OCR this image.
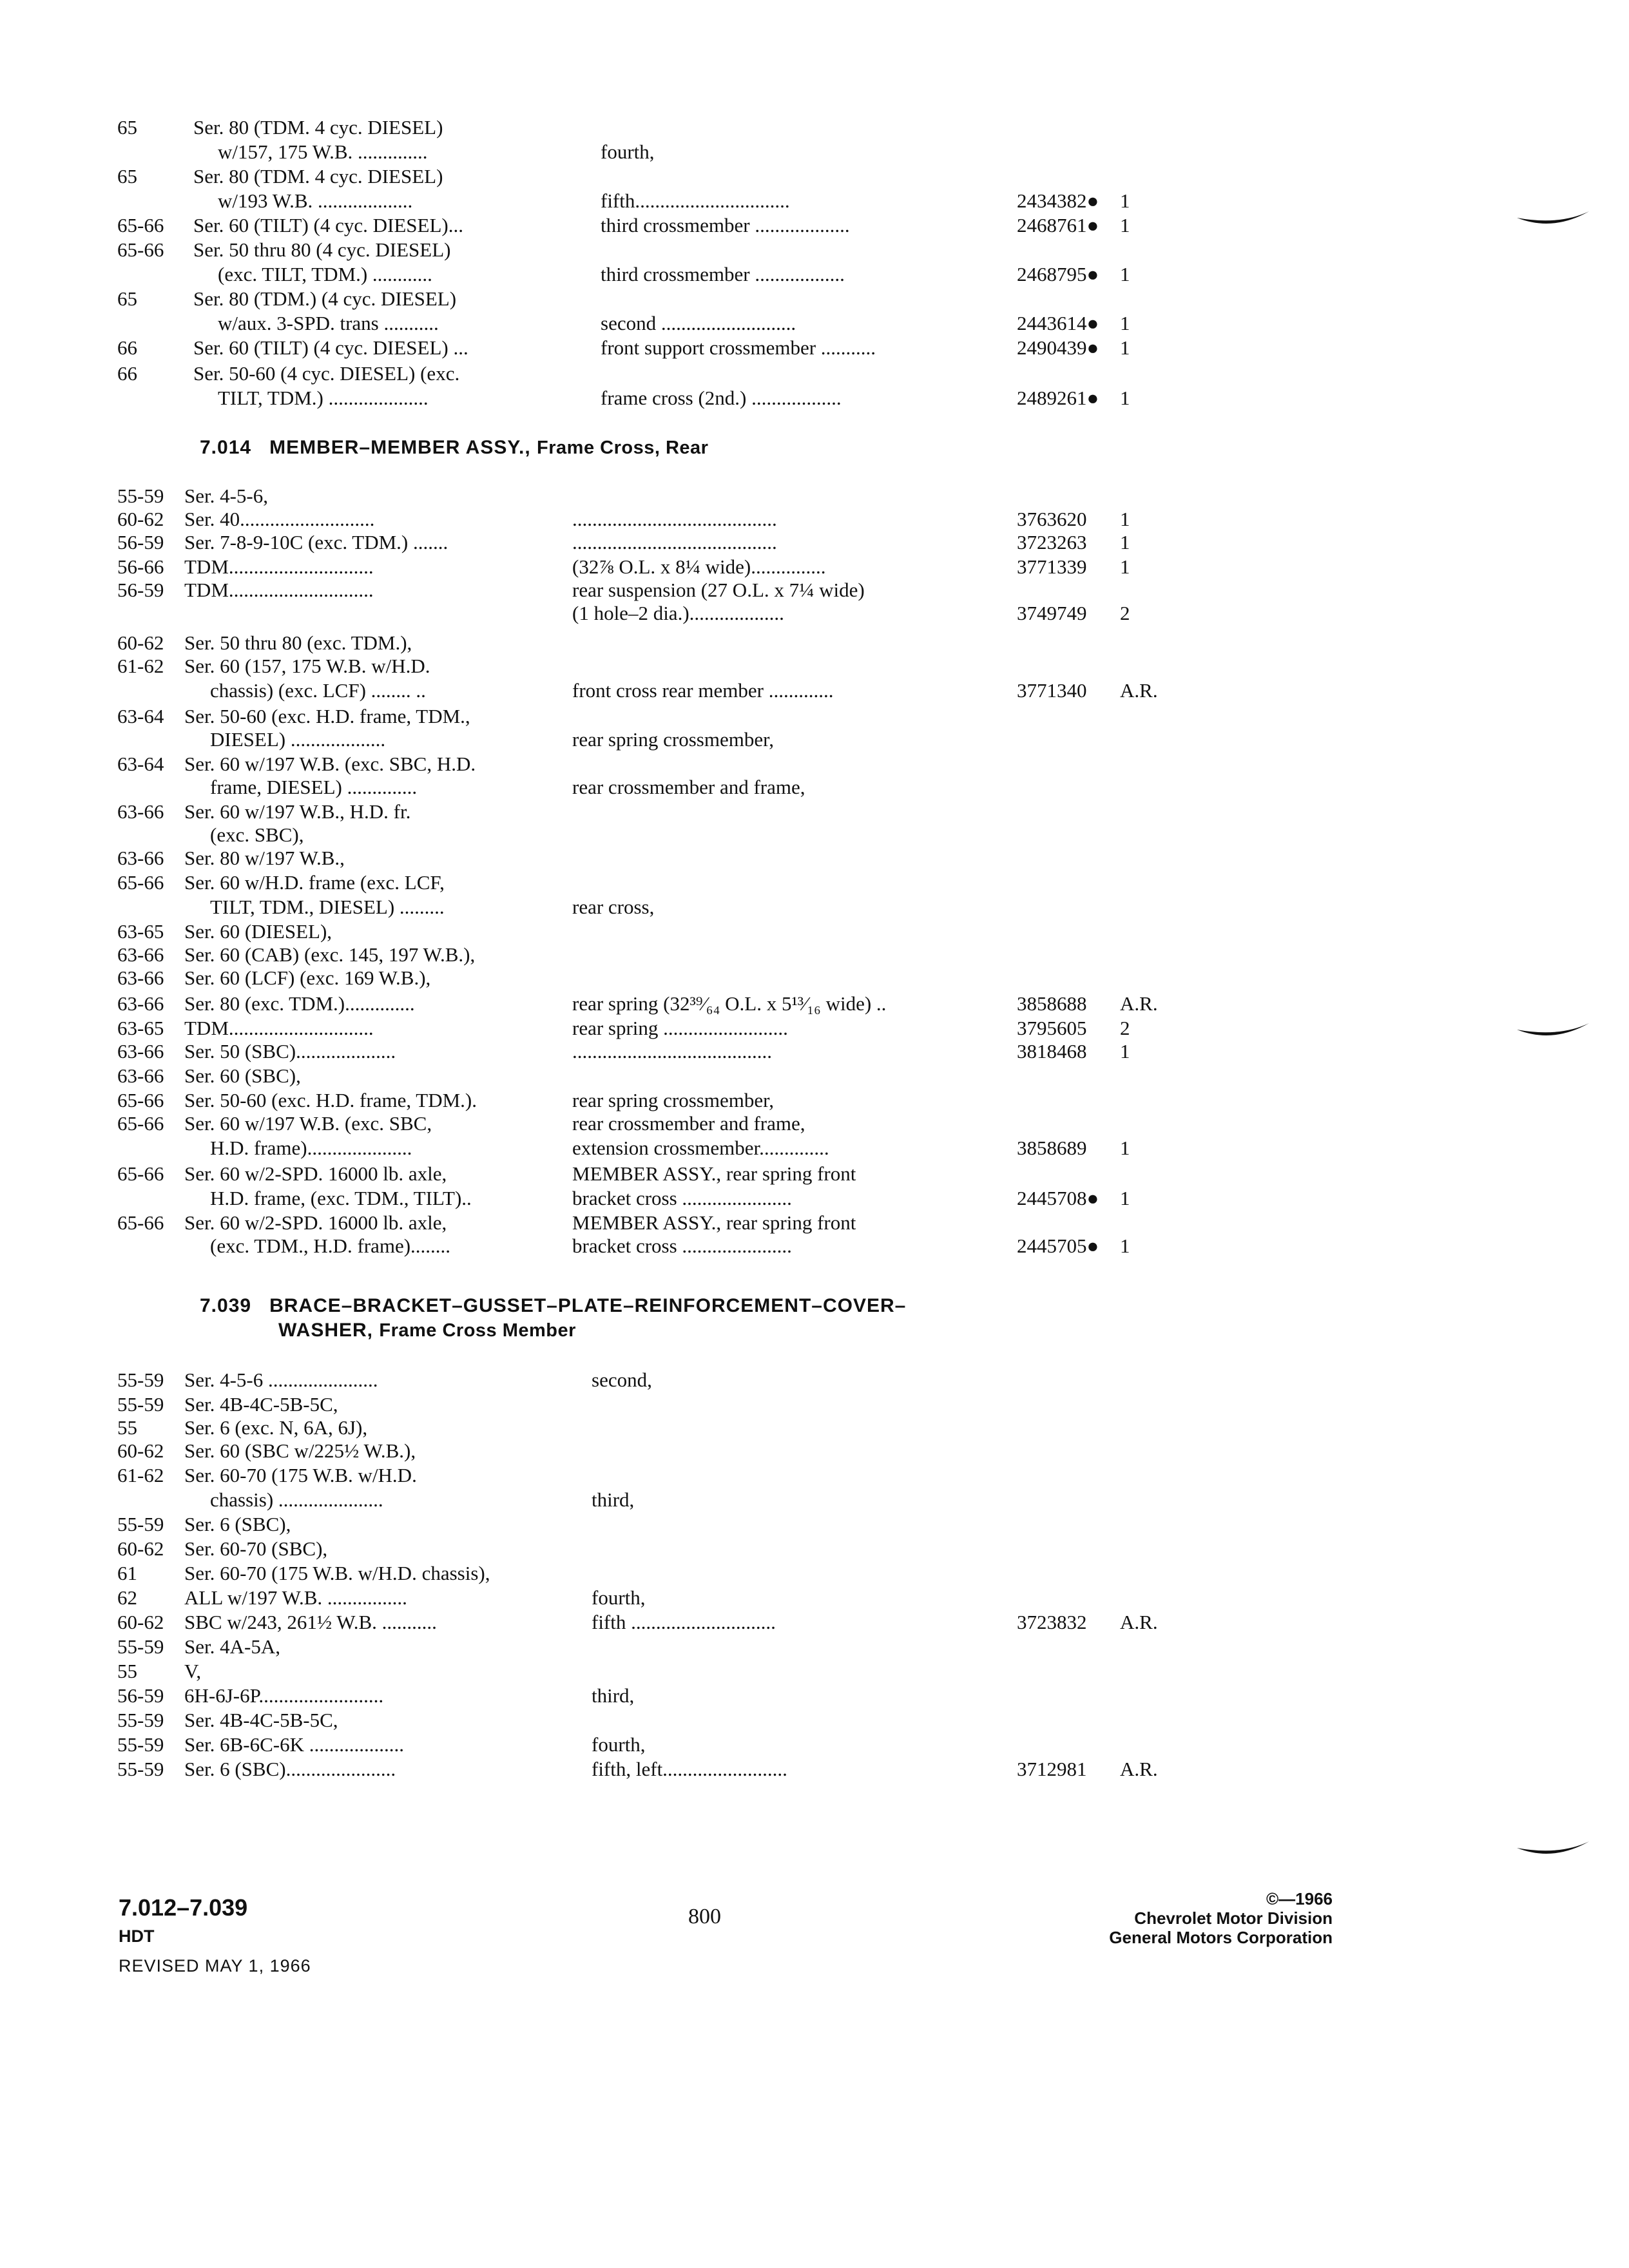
65	Ser. 80 (TDM. 4 cyc. DIESEL)
w/157, 175 W.B. ..............	fourth,
65	Ser. 80 (TDM. 4 cyc. DIESEL)
w/193 W.B. ...................	fifth...............................	2434382● 1
65-66 Ser. 60 (TILT) (4 cyc. DIESEL)...	third crossmember ...................	2468761● 1
65-66 Ser. 50 thru 80 (4 cyc. DIESEL)
(exc. TILT, TDM.) ............	third crossmember ..................	2468795● 1
65	Ser. 80 (TDM.) (4 cyc. DIESEL)
w/aux. 3-SPD. trans ...........	second ...........................	2443614● 1
66	Ser. 60 (TILT) (4 cyc. DIESEL) ...	front support crossmember ...........	2490439● 1
66	Ser. 50-60 (4 cyc. DIESEL) (exc.
TILT, TDM.) ....................	frame cross (2nd.) ..................	2489261● 1
7.014 MEMBER–MEMBER ASSY., Frame Cross, Rear
55-59 Ser. 4-5-6,
60-62 Ser. 40...........................	.........................................	3763620 1
56-59 Ser. 7-8-9-10C (exc. TDM.) .......	.........................................	3723263 1
56-66 TDM.............................	(32⅞ O.L. x 8¼ wide)...............	3771339 1
56-59 TDM.............................	rear suspension (27 O.L. x 7¼ wide)
(1 hole–2 dia.)...................	3749749 2
60-62 Ser. 50 thru 80 (exc. TDM.),
61-62 Ser. 60 (157, 175 W.B. w/H.D.
chassis) (exc. LCF) ........ ..	front cross rear member .............	3771340 A.R.
63-64 Ser. 50-60 (exc. H.D. frame, TDM.,
DIESEL) ...................	rear spring crossmember,
63-64 Ser. 60 w/197 W.B. (exc. SBC, H.D.
frame, DIESEL) ..............	rear crossmember and frame,
63-66 Ser. 60 w/197 W.B., H.D. fr.
(exc. SBC),
63-66 Ser. 80 w/197 W.B.,
65-66 Ser. 60 w/H.D. frame (exc. LCF,
TILT, TDM., DIESEL) .........	rear cross,
63-65 Ser. 60 (DIESEL),
63-66 Ser. 60 (CAB) (exc. 145, 197 W.B.),
63-66 Ser. 60 (LCF) (exc. 169 W.B.),
63-66 Ser. 80 (exc. TDM.)..............	rear spring (32³⁹⁄₆₄ O.L. x 5¹³⁄₁₆ wide) ..	3858688 A.R.
63-65 TDM.............................	rear spring .........................	3795605 2
63-66 Ser. 50 (SBC)....................	........................................	3818468 1
63-66 Ser. 60 (SBC),
65-66 Ser. 50-60 (exc. H.D. frame, TDM.).	rear spring crossmember,
65-66 Ser. 60 w/197 W.B. (exc. SBC,	rear crossmember and frame,
H.D. frame).....................	extension crossmember..............	3858689 1
65-66 Ser. 60 w/2-SPD. 16000 lb. axle,	MEMBER ASSY., rear spring front
H.D. frame, (exc. TDM., TILT)..	bracket cross ......................	2445708● 1
65-66 Ser. 60 w/2-SPD. 16000 lb. axle,	MEMBER ASSY., rear spring front
(exc. TDM., H.D. frame)........	bracket cross ......................	2445705● 1
7.039 BRACE–BRACKET–GUSSET–PLATE–REINFORCEMENT–COVER–
WASHER, Frame Cross Member
55-59 Ser. 4-5-6 ......................	second,
55-59 Ser. 4B-4C-5B-5C,
55 Ser. 6 (exc. N, 6A, 6J),
60-62 Ser. 60 (SBC w/225½ W.B.),
61-62 Ser. 60-70 (175 W.B. w/H.D.
chassis) .....................	third,
55-59 Ser. 6 (SBC),
60-62 Ser. 60-70 (SBC),
61 Ser. 60-70 (175 W.B. w/H.D. chassis),
62 ALL w/197 W.B. ................	fourth,
60-62 SBC w/243, 261½ W.B. ...........	fifth .............................	3723832 A.R.
55-59 Ser. 4A-5A,
55 V,
56-59 6H-6J-6P.........................	third,
55-59 Ser. 4B-4C-5B-5C,
55-59 Ser. 6B-6C-6K ...................	fourth,
55-59 Ser. 6 (SBC)......................	fifth, left.........................	3712981 A.R.
7.012–7.039
HDT
REVISED MAY 1, 1966
800
©—1966
Chevrolet Motor Division
General Motors Corporation
